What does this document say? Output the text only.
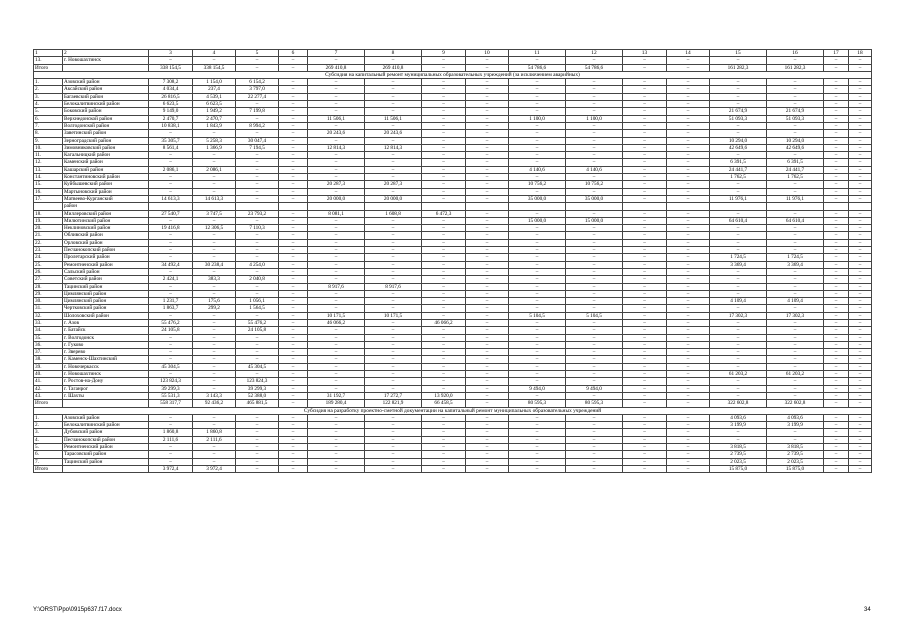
1	2	3	4	5	6	7	8	9	10	11	12	13	14	15	16	17	18
13.	г. Новошахтинск	–	–	–	–	–	–	–	–	–	–	–	–	–	–	–	–
Итого		338 154,5	338 154,5	–	–	269 410,8	269 410,8	–	–	54 786,6	54 786,6	–	–	161 282,3	161 282,3	–	–
Субсидия на капитальный ремонт муниципальных образовательных учреждений (за исключением аварийных)																	
1.	Азовский район	7 308,2	1 154,0	6 154,2	–	–	–	–	–	–	–	–	–	–	–	–	–
2.	Аксайский район	4 034,4	237,4	3 797,0	–	–	–	–	–	–	–	–	–	–	–	–	–
3.	Багаевский район	26 816,5	4 539,1	22 277,4	–	–	–	–	–	–	–	–	–	–	–	–	–
4.	Белокалитвинский район	6 623,5	6 623,5	–	–	–	–	–	–	–	–	–	–	–	–	–	–
5.	Боковский район	9 149,0	1 949,2	7 199,8	–	–	–	–	–	–	–	–	–	21 674,9	21 674,9	–	–
6.	Верхнедонской район	2 470,7	2 470,7	–	–	11 506,1	11 506,1	–	–	1 100,0	1 100,0	–	–	51 093,3	51 093,3	–	–
7.	Волгодонской район	10 838,1	1 843,9	8 994,2	–	–	–	–	–	–	–	–	–	–	–	–	–
8.	Заветинский район	–	–	–	–	20 243,6	20 243,6	–	–	–	–	–	–	–	–	–	–
9.	Зерноградский район	35 305,7	5 258,3	30 047,4	–	–	–	–	–	–	–	–	–	10 294,0	10 294,0	–	–
10.	Зимовниковский район	8 561,4	1 366,9	7 194,5	–	12 814,3	12 814,3	–	–	–	–	–	–	42 649,6	42 649,6	–	–
11.	Кагальницкий район	–	–	–	–	–	–	–	–	–	–	–	–	–	–	–	–
12.	Каменский район	–	–	–	–	–	–	–	–	–	–	–	–	6 391,5	6 391,5	–	–
13.	Кашарский район	2 086,1	2 086,1	–	–	–	–	–	–	4 140,6	4 140,6	–	–	24 441,7	24 441,7	–	–
14.	Константиновский район	–	–	–	–	–	–	–	–	–	–	–	–	1 762,5	1 762,5	–	–
15.	Куйбышевский район	–	–	–	–	20 287,3	20 287,3	–	–	10 756,2	10 756,2	–	–	–	–	–	–
16.	Мартыновский район	–	–	–	–	–	–	–	–	–	–	–	–	–	–	–	–
17.	Матвеево-Курганский	14 613,3	14 613,3	–	–	20 000,0	20 000,0	–	–	35 000,0	35 000,0	–	–	11 976,1	11 976,1	–	–
	район																
18.	Миллеровский район	27 540,7	3 747,5	23 793,2	–	8 081,1	1 608,8	6 472,3	–	–	–	–	–	–	–	–	–
19.	Милютинский район	–	–	–	–	–	–	–	–	15 000,0	15 000,0	–	–	64 610,4	64 610,4	–	–
20.	Неклиновский район	19 416,8	12 306,5	7 110,3	–	–	–	–	–	–	–	–	–	–	–	–	–
21.	Обливский район	–	–	–	–	–	–	–	–	–	–	–	–	–	–	–	–
22.	Орловский район	–	–	–	–	–	–	–	–	–	–	–	–	–	–	–	–
23.	Песчанокопский район	–	–	–	–	–	–	–	–	–	–	–	–	–	–	–	–
24.	Пролетарский район	–	–	–	–	–	–	–	–	–	–	–	–	1 724,5	1 724,5	–	–
25.	Ремонтненский район	34 492,4	30 238,4	4 254,0	–	–	–	–	–	–	–	–	–	3 369,4	3 369,4	–	–
26.	Сальский район	–	–	–	–	–	–	–	–	–	–	–	–	–	–	–	–
27.	Советский район	2 424,1	383,3	2 040,8	–	–	–	–	–	–	–	–	–	–	–	–	–
28.	Тацинский район	–	–	–	–	8 917,6	8 917,6	–	–	–	–	–	–	–	–	–	–
29.	Цимлянский район	–	–	–	–	–	–	–	–	–	–	–	–	–	–	–	–
30.	Цимлянский район	1 231,7	175,6	1 056,1	–	–	–	–	–	–	–	–	–	4 109,4	4 109,4	–	–
31.	Чертковский район	1 863,7	299,2	1 564,5	–	–	–	–	–	–	–	–	–	–	–	–	–
32.	Шолоховский район	–	–	–	–	10 171,5	10 171,5	–	–	5 104,5	5 104,5	–	–	17 302,3	17 302,3	–	–
33.	г. Азов	55 476,2	–	55 476,2	–	46 066,2	–	46 066,2	–	–	–	–	–	–	–	–	–
34.	г. Батайск	24 105,8	–	24 105,8	–	–	–	–	–	–	–	–	–	–	–	–	–
35.	г. Волгодонск	–	–	–	–	–	–	–	–	–	–	–	–	–	–	–	–
36.	г. Гуково	–	–	–	–	–	–	–	–	–	–	–	–	–	–	–	–
37.	г. Зверево	–	–	–	–	–	–	–	–	–	–	–	–	–	–	–	–
38.	г. Каменск-Шахтинский	–	–	–	–	–	–	–	–	–	–	–	–	–	–	–	–
39.	г. Новочеркасск	45 304,5	–	45 304,5	–	–	–	–	–	–	–	–	–	–	–	–	–
40.	г. Новошахтинск	–	–	–	–	–	–	–	–	–	–	–	–	61 203,2	61 203,2	–	–
41.	г. Ростов-на-Дону	123 824,3	–	123 824,3	–	–	–	–	–	–	–	–	–	–	–	–	–
42.	г. Таганрог	39 299,3	–	39 299,3	–	–	–	–	–	9 494,0	9 494,0	–	–	–	–	–	–
43.	г. Шахты	55 531,3	3 143,3	52 388,0	–	31 192,7	17 272,7	13 920,0	–	–	–	–	–	–	–	–	–
Итого		558 317,7	92 436,2	465 881,5	–	189 280,4	122 821,9	66 458,5	–	80 595,3	80 595,3	–	–	322 602,8	322 602,8	–	–
Субсидия на разработку проектно-сметной документации на капитальный ремонт муниципальных образовательных учреждений																	
1.	Азовский район	–	–	–	–	–	–	–	–	–	–	–	–	4 093,6	4 093,6	–	–
2.	Белокалитвинский район	–	–	–	–	–	–	–	–	–	–	–	–	3 199,9	3 199,9	–	–
3.	Дубовский район	1 860,8	1 860,8	–	–	–	–	–	–	–	–	–	–	–	–	–	–
4.	Песчанокопский район	2 111,6	2 111,6	–	–	–	–	–	–	–	–	–	–	–	–	–	–
5.	Ремонтненский район	–	–	–	–	–	–	–	–	–	–	–	–	3 818,5	3 818,5	–	–
6.	Тарасовский район	–	–	–	–	–	–	–	–	–	–	–	–	2 739,5	2 739,5	–	–
7.	Тацинский район	–	–	–	–	–	–	–	–	–	–	–	–	2 023,5	2 023,5	–	–
Итого		3 972,4	3 972,4	–	–	–	–	–	–	–	–	–	–	15 875,0	15 875,0	–	–
Y:\ORST\Ppo\0915p637.f17.docx	34
